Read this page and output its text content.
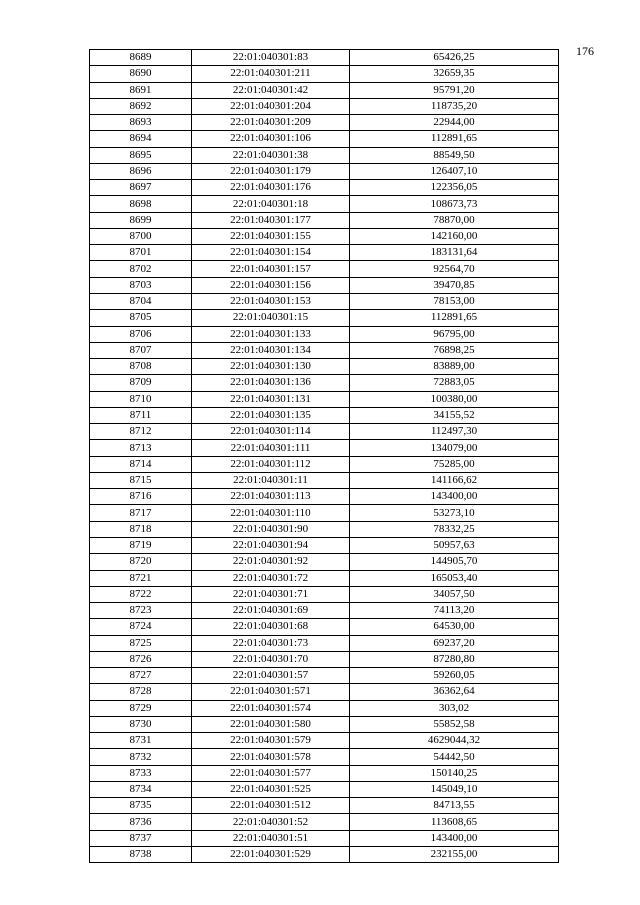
176
8689	22:01:040301:83	65426,25
8690	22:01:040301:211	32659,35
8691	22:01:040301:42	95791,20
8692	22:01:040301:204	118735,20
8693	22:01:040301:209	22944,00
8694	22:01:040301:106	112891,65
8695	22:01:040301:38	88549,50
8696	22:01:040301:179	126407,10
8697	22:01:040301:176	122356,05
8698	22:01:040301:18	108673,73
8699	22:01:040301:177	78870,00
8700	22:01:040301:155	142160,00
8701	22:01:040301:154	183131,64
8702	22:01:040301:157	92564,70
8703	22:01:040301:156	39470,85
8704	22:01:040301:153	78153,00
8705	22:01:040301:15	112891,65
8706	22:01:040301:133	96795,00
8707	22:01:040301:134	76898,25
8708	22:01:040301:130	83889,00
8709	22:01:040301:136	72883,05
8710	22:01:040301:131	100380,00
8711	22:01:040301:135	34155,52
8712	22:01:040301:114	112497,30
8713	22:01:040301:111	134079,00
8714	22:01:040301:112	75285,00
8715	22:01:040301:11	141166,62
8716	22:01:040301:113	143400,00
8717	22:01:040301:110	53273,10
8718	22:01:040301:90	78332,25
8719	22:01:040301:94	50957,63
8720	22:01:040301:92	144905,70
8721	22:01:040301:72	165053,40
8722	22:01:040301:71	34057,50
8723	22:01:040301:69	74113,20
8724	22:01:040301:68	64530,00
8725	22:01:040301:73	69237,20
8726	22:01:040301:70	87280,80
8727	22:01:040301:57	59260,05
8728	22:01:040301:571	36362,64
8729	22:01:040301:574	303,02
8730	22:01:040301:580	55852,58
8731	22:01:040301:579	4629044,32
8732	22:01:040301:578	54442,50
8733	22:01:040301:577	150140,25
8734	22:01:040301:525	145049,10
8735	22:01:040301:512	84713,55
8736	22:01:040301:52	113608,65
8737	22:01:040301:51	143400,00
8738	22:01:040301:529	232155,00
